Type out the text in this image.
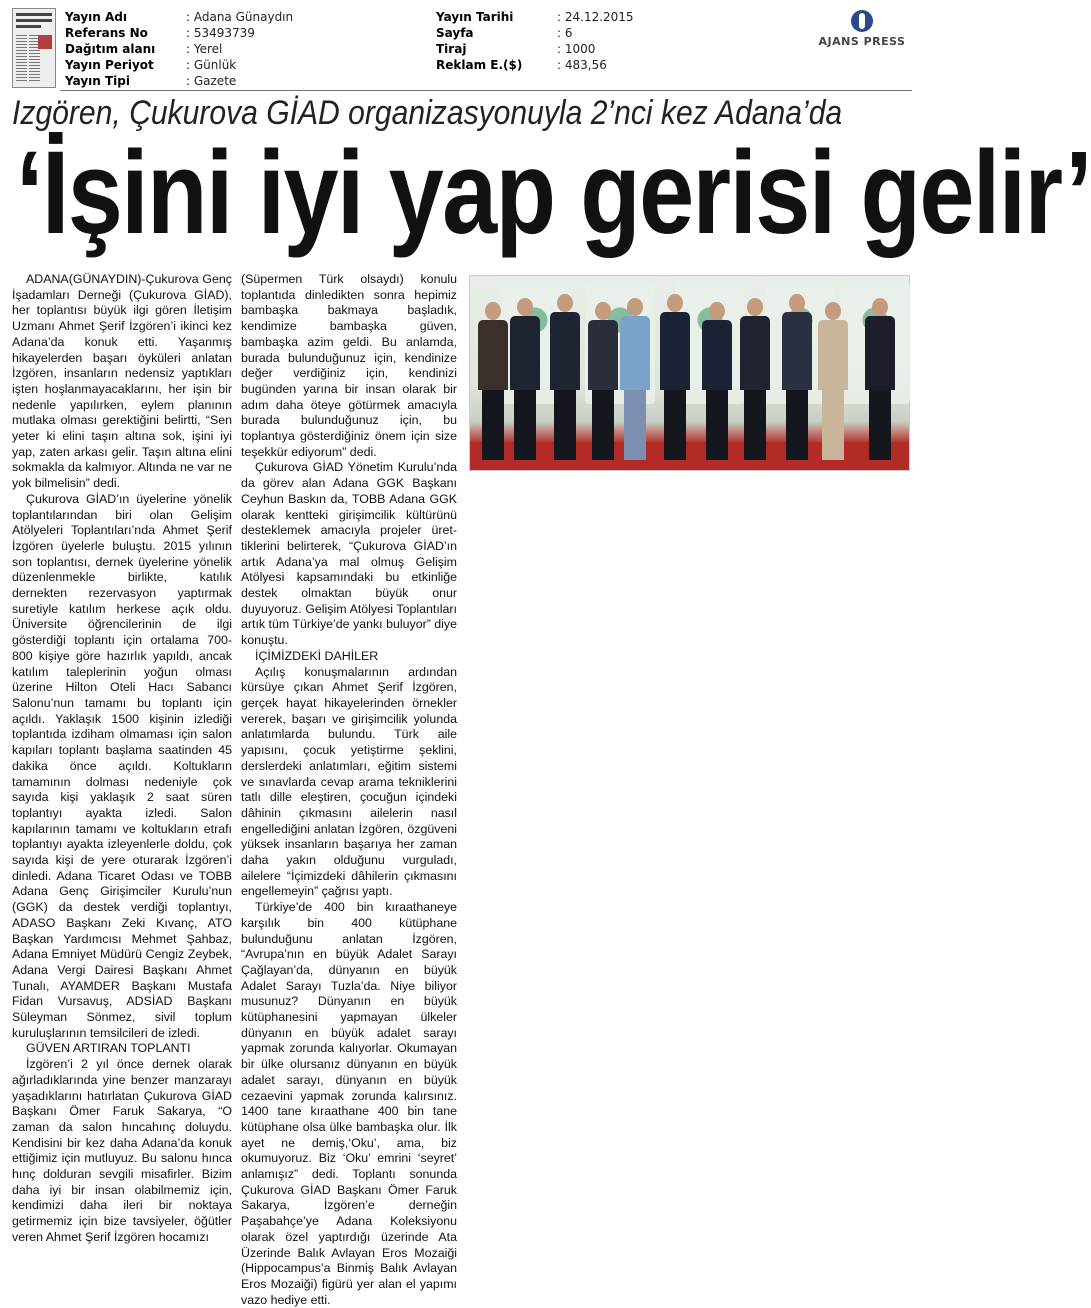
Yayın Adı	: Adana Günaydın
Referans No	: 53493739
Dağıtım alanı	: Yerel
Yayın Periyot	: Günlük
Yayın Tipi	: Gazete
Yayın Tarihi	: 24.12.2015
Sayfa	: 6
Tiraj	: 1000
Reklam E.($)	: 483,56
AJANS PRESS
Izgören, Çukurova GİAD organizasyonuyla 2’nci kez Adana’da
‘İşini iyi yap gerisi gelir’

ADANA(GÜNAYDIN)-Çukurova Genç İşadamları Derneği (Çukurova GİAD), her toplantısı büyük ilgi gören İletişim Uzmanı Ahmet Şerif İzgören’i ikinci kez Adana’da konuk etti. Yaşanmış hikayelerden başarı öyküleri anlatan İzgören, insanların nedensiz yaptıkları işten hoşlanmayacaklarını, her işin bir nedenle yapılırken, eylem planının mutlaka olması gerektiğini belirtti, “Sen yeter ki elini taşın altına sok, işini iyi yap, zaten arkası gelir. Taşın altına elini sokmakla da kalmıyor. Altında ne var ne yok bilmelisin” dedi.

Çukurova GİAD’ın üyelerine yönelik toplantılarından biri olan Gelişim Atölyeleri Toplantıları’nda Ahmet Şerif İzgören üyelerle buluştu. 2015 yılının son toplantısı, dernek üyelerine yönelik düzenlenmekle birlikte, katılık dernekten rezervasyon yaptırmak suretiyle katılım herkese açık oldu. Üniversite öğrencilerinin de ilgi gösterdiği toplantı için ortalama 700-800 kişiye göre hazırlık yapıldı, ancak katılım taleplerinin yoğun olması üzerine Hilton Oteli Hacı Sabancı Salonu’nun tamamı bu toplantı için açıldı. Yaklaşık 1500 kişinin izlediği toplantıda izdiham olmaması için salon kapıları toplantı başlama saatinden 45 dakika önce açıldı. Koltukların tamamının dolması nedeniyle çok sayıda kişi yaklaşık 2 saat süren toplantıyı ayakta izledi. Salon kapılarının tamamı ve koltukların etrafı toplantıyı ayakta izleyenlerle doldu, çok sayıda kişi de yere oturarak İzgören’i dinledi. Adana Ticaret Odası ve TOBB Adana Genç Girişimciler Kurulu’nun (GGK) da destek verdiği toplantıyı, ADASO Başkanı Zeki Kıvanç, ATO Başkan Yardımcısı Mehmet Şahbaz, Adana Emniyet Müdürü Cengiz Zeybek, Adana Vergi Dairesi Başkanı Ahmet Tunalı, AYAMDER Başkanı Mustafa Fidan Vursavuş, ADSİAD Başkanı Süleyman Sönmez, sivil toplum kuruluşlarının temsilcileri de izledi.

GÜVEN ARTIRAN TOPLANTI

İzgören’i 2 yıl önce dernek olarak ağırladıklarında yine benzer manzarayı yaşadıklarını hatırlatan Çukurova GİAD Başkanı Ömer Faruk Sakarya, “O zaman da salon hıncahınç doluydu. Kendisini bir kez daha Adana’da konuk ettiğimiz için mutluyuz. Bu salonu hınca hınç dolduran sevgili misafirler. Bizim daha iyi bir insan olabilmemiz için, kendimizi daha ileri bir noktaya getirmemiz için bize tavsiyeler, öğütler veren Ahmet Şerif İzgören hocamızı

(Süpermen Türk olsaydı) konulu toplantıda dinledikten sonra hepimiz bambaşka bakmaya başladık, kendimize bambaşka güven, bambaşka azim geldi. Bu anlamda, burada bulunduğunuz için, kendinize değer verdiğiniz için, kendinizi bugünden yarına bir insan olarak bir adım daha öteye götürmek amacıyla burada bulunduğunuz için, bu toplantıya gösterdiğiniz önem için size teşekkür ediyorum” dedi.

Çukurova GİAD Yönetim Kurulu’nda da görev alan Adana GGK Başkanı Ceyhun Baskın da, TOBB Adana GGK olarak kentteki girişimcilik kültürünü desteklemek amacıyla projeler ürettiklerini belirterek, “Çukurova GİAD’ın artık Adana’ya mal olmuş Gelişim Atölyesi kapsamındaki bu etkinliğe destek olmaktan büyük onur duyuyoruz. Gelişim Atölyesi Toplantıları artık tüm Türkiye’de yankı buluyor” diye konuştu.

İÇİMİZDEKİ DAHİLER

Açılış konuşmalarının ardından kürsüye çıkan Ahmet Şerif İzgören, gerçek hayat hikayelerinden örnekler vererek, başarı ve girişimcilik yolunda anlatımlarda bulundu. Türk aile yapısını, çocuk yetiştirme şeklini, derslerdeki anlatımları, eğitim sistemi ve sınavlarda cevap arama tekniklerini tatlı dille eleştiren, çocuğun içindeki dâhinin çıkmasını ailelerin nasıl engellediğini anlatan İzgören, özgüveni yüksek insanların başarıya her zaman daha yakın olduğunu vurguladı, ailelere “İçimizdeki dâhilerin çıkmasını engellemeyin” çağrısı yaptı.

Türkiye’de 400 bin kıraathaneye karşılık bin 400 kütüphane bulunduğunu anlatan İzgören, “Avrupa’nın en büyük Adalet Sarayı Çağlayan’da, dünyanın en büyük Adalet Sarayı Tuzla’da. Niye biliyor musunuz? Dünyanın en büyük kütüphanesini yapmayan ülkeler dünyanın en büyük adalet sarayı yapmak zorunda kalıyorlar. Okumayan bir ülke olursanız dünyanın en büyük adalet sarayı, dünyanın en büyük cezaevini yapmak zorunda kalırsınız. 1400 tane kıraathane 400 bin tane kütüphane olsa ülke bambaşka olur. İlk ayet ne demiş,‘Oku’, ama, biz okumuyoruz. Biz ‘Oku’ emrini ‘seyret’ anlamışız” dedi. Toplantı sonunda Çukurova GİAD Başkanı Ömer Faruk Sakarya, İzgören’e derneğin Paşabahçe’ye Adana Koleksiyonu olarak özel yaptırdığı üzerinde Ata Üzerinde Balık Avlayan Eros Mozaiği (Hippocampus’a Binmiş Balık Avlayan Eros Mozaiği) figürü yer alan el yapımı vazo hediye etti.
